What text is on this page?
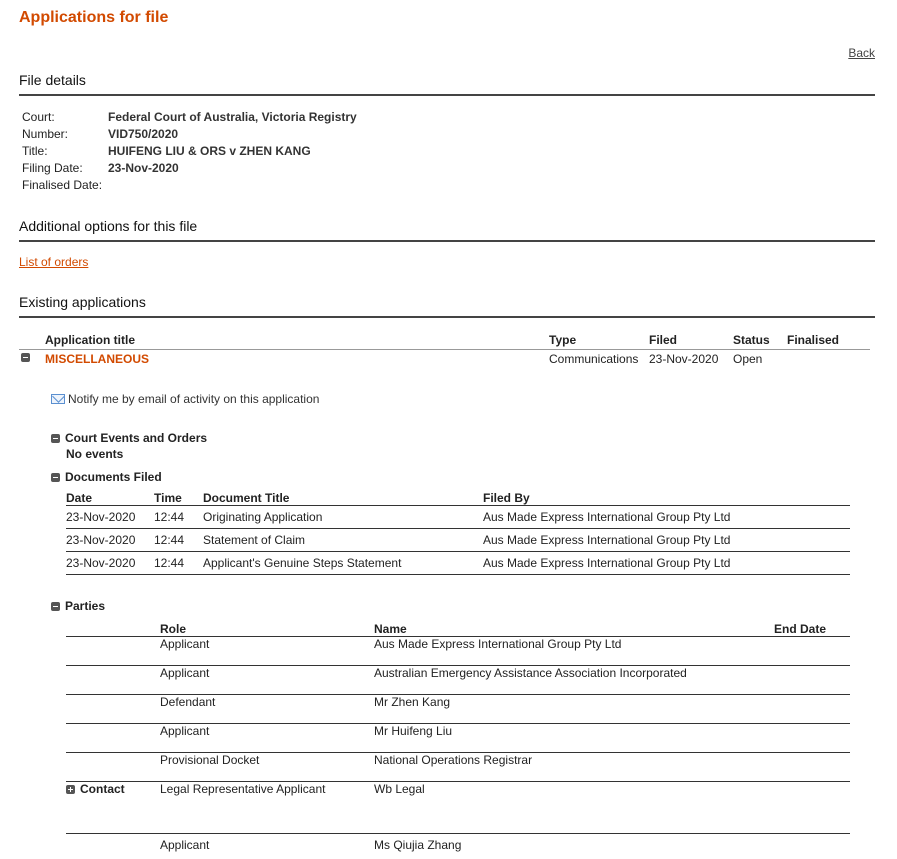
Applications for file
Back
File details
Court:	Federal Court of Australia, Victoria Registry
Number:	VID750/2020
Title:	HUIFENG LIU & ORS v ZHEN KANG
Filing Date:	23-Nov-2020
Finalised Date:
Additional options for this file
List of orders
Existing applications
Application title	Type	Filed	Status Finalised
MISCELLANEOUS	Communications 23-Nov-2020 Open
Notify me by email of activity on this application
Court Events and Orders
No events
Documents Filed
Date	Time	Document Title	Filed By
23-Nov-2020	12:44	Originating Application	Aus Made Express International Group Pty Ltd
23-Nov-2020	12:44	Statement of Claim	Aus Made Express International Group Pty Ltd
23-Nov-2020	12:44	Applicant's Genuine Steps Statement	Aus Made Express International Group Pty Ltd
Parties
	Role	Name	End Date
	Applicant	Aus Made Express International Group Pty Ltd	
	Applicant	Australian Emergency Assistance Association Incorporated	
	Defendant	Mr Zhen Kang	
	Applicant	Mr Huifeng Liu	
	Provisional Docket	National Operations Registrar	
Contact	Legal Representative Applicant	Wb Legal	
	Applicant	Ms Qiujia Zhang	
